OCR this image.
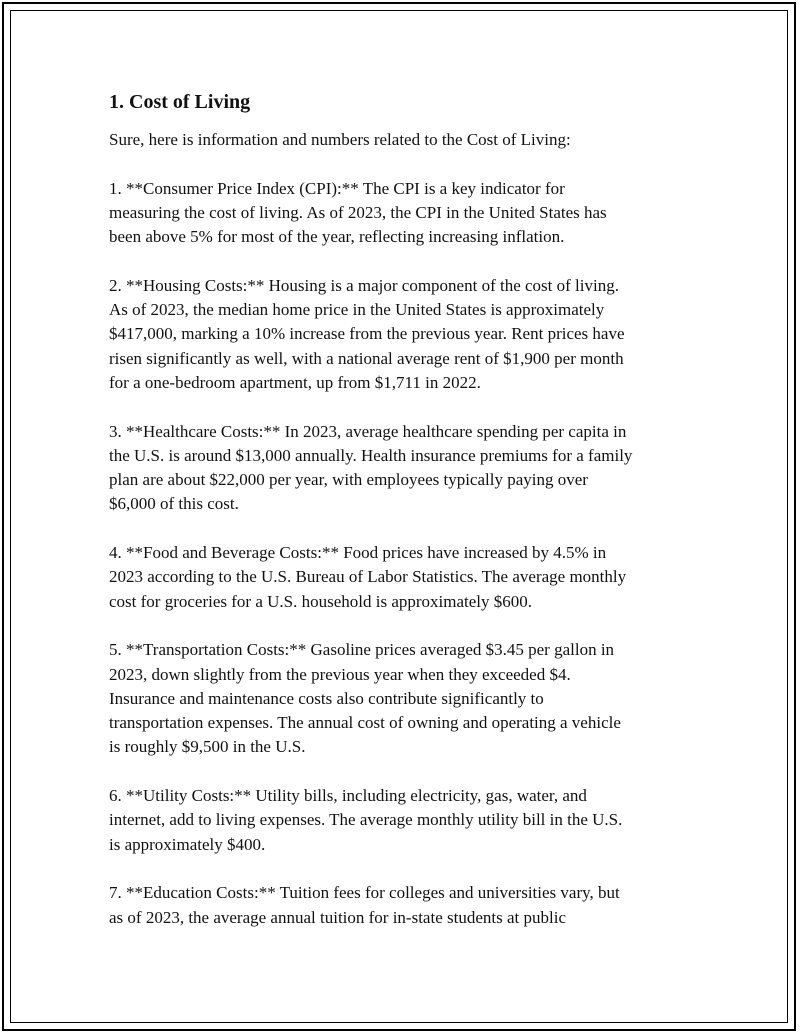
1. Cost of Living

Sure, here is information and numbers related to the Cost of Living:

1. **Consumer Price Index (CPI):** The CPI is a key indicator for
measuring the cost of living. As of 2023, the CPI in the United States has
been above 5% for most of the year, reflecting increasing inflation.

2. **Housing Costs:** Housing is a major component of the cost of living.
As of 2023, the median home price in the United States is approximately
$417,000, marking a 10% increase from the previous year. Rent prices have
risen significantly as well, with a national average rent of $1,900 per month
for a one-bedroom apartment, up from $1,711 in 2022.

3. **Healthcare Costs:** In 2023, average healthcare spending per capita in
the U.S. is around $13,000 annually. Health insurance premiums for a family
plan are about $22,000 per year, with employees typically paying over
$6,000 of this cost.

4. **Food and Beverage Costs:** Food prices have increased by 4.5% in
2023 according to the U.S. Bureau of Labor Statistics. The average monthly
cost for groceries for a U.S. household is approximately $600.

5. **Transportation Costs:** Gasoline prices averaged $3.45 per gallon in
2023, down slightly from the previous year when they exceeded $4.
Insurance and maintenance costs also contribute significantly to
transportation expenses. The annual cost of owning and operating a vehicle
is roughly $9,500 in the U.S.

6. **Utility Costs:** Utility bills, including electricity, gas, water, and
internet, add to living expenses. The average monthly utility bill in the U.S.
is approximately $400.

7. **Education Costs:** Tuition fees for colleges and universities vary, but
as of 2023, the average annual tuition for in-state students at public
